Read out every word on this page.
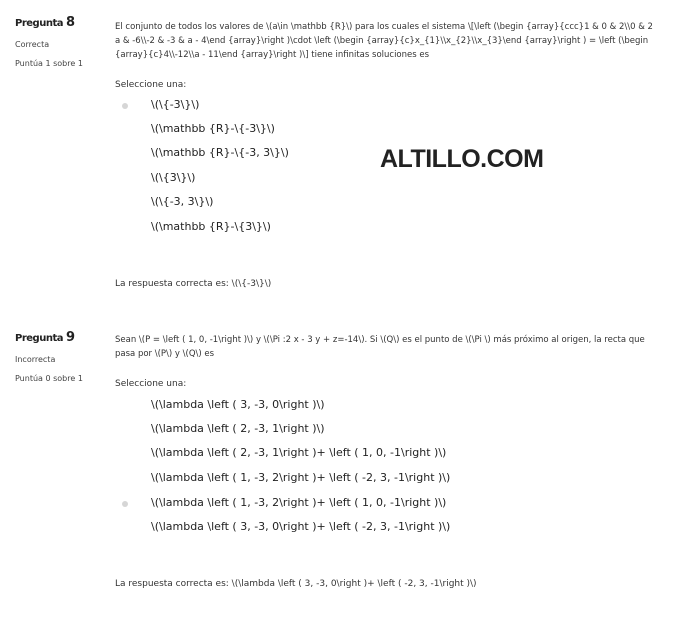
ALTILLO.COM
Pregunta 8
Correcta
Puntúa 1 sobre 1
El conjunto de todos los valores de \(a\in \mathbb {R}\) para los cuales el sistema \[\left (\begin {array}{ccc}1 & 0 & 2\\0 & 2 a & -6\\-2 & -3 & a - 4\end {array}\right )\cdot \left (\begin {array}{c}x_{1}\\x_{2}\\x_{3}\end {array}\right ) = \left (\begin {array}{c}4\\-12\\a - 11\end {array}\right )\] tiene infinitas soluciones es
Seleccione una:
\(\{-3\}\)
\(\mathbb {R}-\{-3\}\)
\(\mathbb {R}-\{-3, 3\}\)
\(\{3\}\)
\(\{-3, 3\}\)
\(\mathbb {R}-\{3\}\)
La respuesta correcta es: \(\{-3\}\)
Pregunta 9
Incorrecta
Puntúa 0 sobre 1
Sean \(P = \left ( 1, 0, -1\right )\) y \(\Pi :2 x - 3 y + z=-14\). Si \(Q\) es el punto de \(\Pi \) más próximo al origen, la recta que pasa por \(P\) y \(Q\) es
Seleccione una:
\(\lambda \left ( 3, -3, 0\right )\)
\(\lambda \left ( 2, -3, 1\right )\)
\(\lambda \left ( 2, -3, 1\right )+ \left ( 1, 0, -1\right )\)
\(\lambda \left ( 1, -3, 2\right )+ \left ( -2, 3, -1\right )\)
\(\lambda \left ( 1, -3, 2\right )+ \left ( 1, 0, -1\right )\)
\(\lambda \left ( 3, -3, 0\right )+ \left ( -2, 3, -1\right )\)
La respuesta correcta es: \(\lambda \left ( 3, -3, 0\right )+ \left ( -2, 3, -1\right )\)
